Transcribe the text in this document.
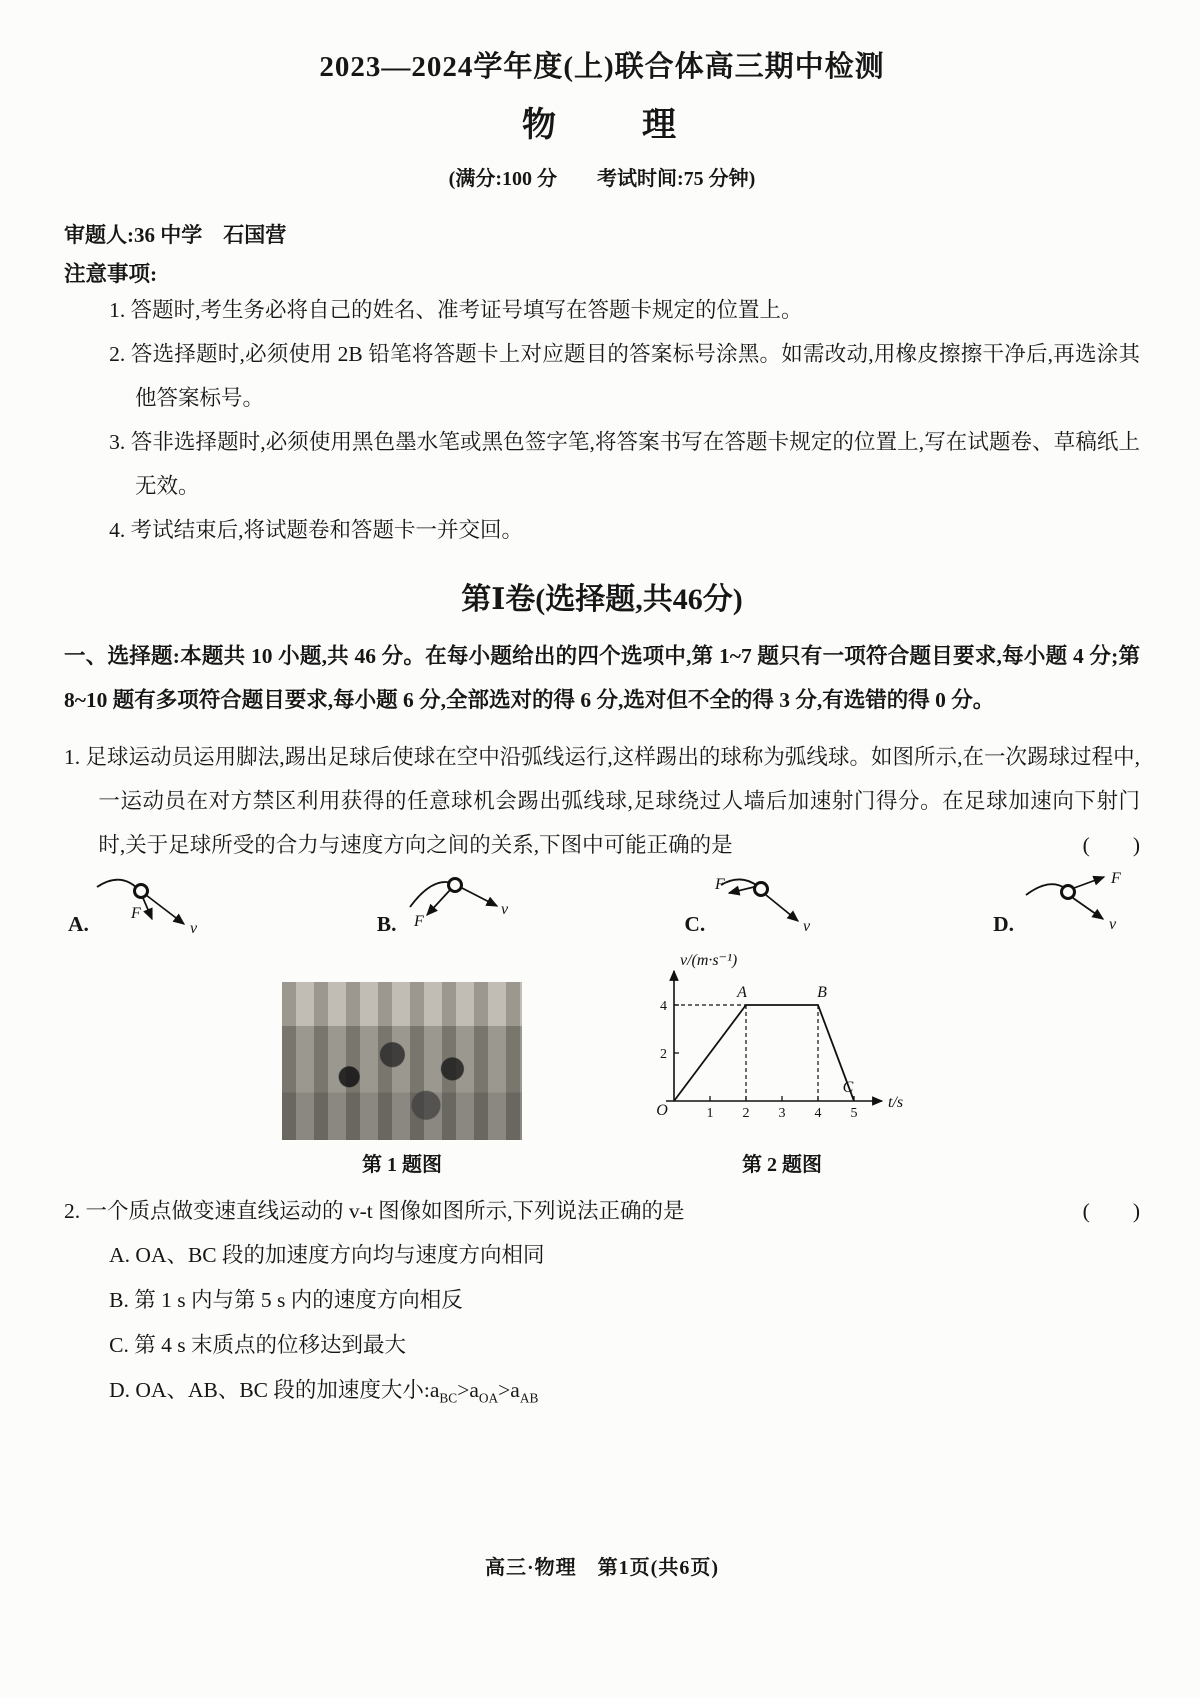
2023—2024学年度(上)联合体高三期中检测
物　　理
(满分:100 分　　考试时间:75 分钟)
审题人:36 中学　石国营
注意事项:
1. 答题时,考生务必将自己的姓名、准考证号填写在答题卡规定的位置上。
2. 答选择题时,必须使用 2B 铅笔将答题卡上对应题目的答案标号涂黑。如需改动,用橡皮擦擦干净后,再选涂其他答案标号。
3. 答非选择题时,必须使用黑色墨水笔或黑色签字笔,将答案书写在答题卡规定的位置上,写在试题卷、草稿纸上无效。
4. 考试结束后,将试题卷和答题卡一并交回。
第Ⅰ卷(选择题,共46分)

一、选择题:本题共 10 小题,共 46 分。在每小题给出的四个选项中,第 1~7 题只有一项符合题目要求,每小题 4 分;第 8~10 题有多项符合题目要求,每小题 6 分,全部选对的得 6 分,选对但不全的得 3 分,有选错的得 0 分。

1. 足球运动员运用脚法,踢出足球后使球在空中沿弧线运行,这样踢出的球称为弧线球。如图所示,在一次踢球过程中,一运动员在对方禁区利用获得的任意球机会踢出弧线球,足球绕过人墙后加速射门得分。在足球加速向下射门时,关于足球所受的合力与速度方向之间的关系,下图中可能正确的是	(　　)

A.	F
v	B. F
v
C.
F
v	D.
F
v
第 1 题图
v/(m·s⁻¹)
t/s
O
A	B
C
2
4
1 2 3 4 5
第 2 题图

2. 一个质点做变速直线运动的 v-t 图像如图所示,下列说法正确的是	(　　)

A. OA、BC 段的加速度方向均与速度方向相同
B. 第 1 s 内与第 5 s 内的速度方向相反
C. 第 4 s 末质点的位移达到最大
D. OA、AB、BC 段的加速度大小$:a_{BC}>a_{OA}>a_{AB}$
高三·物理　第1页(共6页)
